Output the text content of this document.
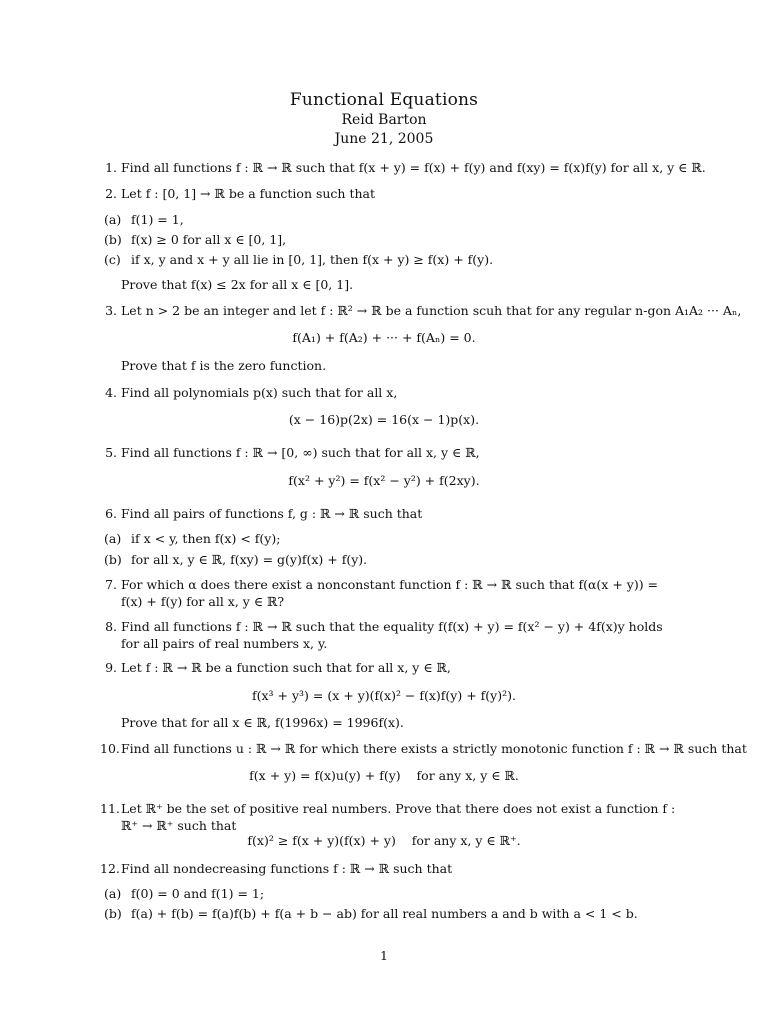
Functional Equations
Reid Barton
June 21, 2005
1. Find all functions f : ℝ → ℝ such that f(x + y) = f(x) + f(y) and f(xy) = f(x)f(y) for all x, y ∈ ℝ.
2. Let f : [0, 1] → ℝ be a function such that
(a) f(1) = 1,
(b) f(x) ≥ 0 for all x ∈ [0, 1],
(c) if x, y and x + y all lie in [0, 1], then f(x + y) ≥ f(x) + f(y).
Prove that f(x) ≤ 2x for all x ∈ [0, 1].
3. Let n > 2 be an integer and let f : ℝ² → ℝ be a function scuh that for any regular n-gon A₁A₂ ··· Aₙ,
f(A₁) + f(A₂) + ··· + f(Aₙ) = 0.
Prove that f is the zero function.
4. Find all polynomials p(x) such that for all x,
(x − 16)p(2x) = 16(x − 1)p(x).
5. Find all functions f : ℝ → [0, ∞) such that for all x, y ∈ ℝ,
f(x² + y²) = f(x² − y²) + f(2xy).
6. Find all pairs of functions f, g : ℝ → ℝ such that
(a) if x < y, then f(x) < f(y);
(b) for all x, y ∈ ℝ, f(xy) = g(y)f(x) + f(y).
7. For which α does there exist a nonconstant function f : ℝ → ℝ such that f(α(x + y)) = f(x) + f(y) for all x, y ∈ ℝ?
8. Find all functions f : ℝ → ℝ such that the equality f(f(x) + y) = f(x² − y) + 4f(x)y holds for all pairs of real numbers x, y.
9. Let f : ℝ → ℝ be a function such that for all x, y ∈ ℝ,
f(x³ + y³) = (x + y)(f(x)² − f(x)f(y) + f(y)²).
Prove that for all x ∈ ℝ, f(1996x) = 1996f(x).
10. Find all functions u : ℝ → ℝ for which there exists a strictly monotonic function f : ℝ → ℝ such that
f(x + y) = f(x)u(y) + f(y)    for any x, y ∈ ℝ.
11. Let ℝ⁺ be the set of positive real numbers. Prove that there does not exist a function f : ℝ⁺ → ℝ⁺ such that
f(x)² ≥ f(x + y)(f(x) + y)    for any x, y ∈ ℝ⁺.
12. Find all nondecreasing functions f : ℝ → ℝ such that
(a) f(0) = 0 and f(1) = 1;
(b) f(a) + f(b) = f(a)f(b) + f(a + b − ab) for all real numbers a and b with a < 1 < b.
1
